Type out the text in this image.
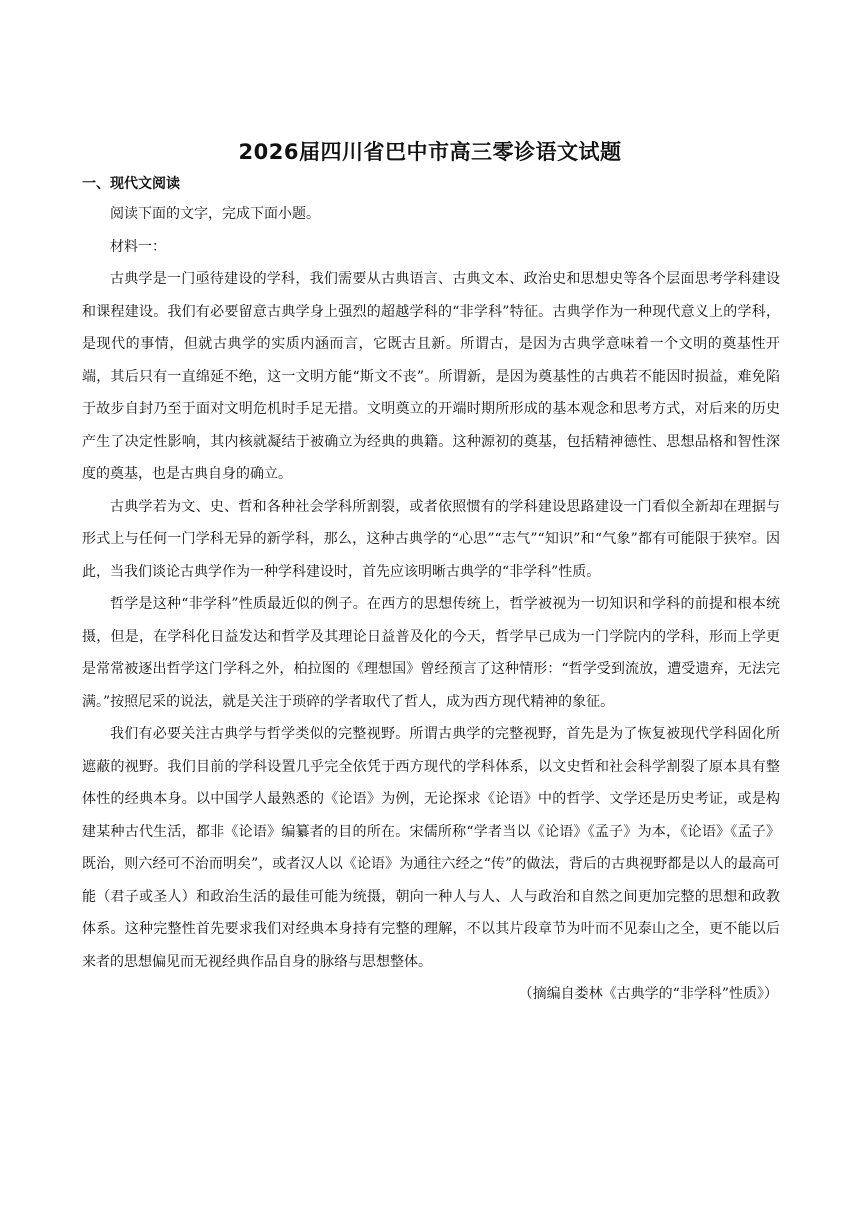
2026届四川省巴中市高三零诊语文试题
一、现代文阅读

阅读下面的文字，完成下面小题。

材料一：

古典学是一门亟待建设的学科，我们需要从古典语言、古典文本、政治史和思想史等各个层面思考学科建设和课程建设。我们有必要留意古典学身上强烈的超越学科的“非学科”特征。古典学作为一种现代意义上的学科，是现代的事情，但就古典学的实质内涵而言，它既古且新。所谓古，是因为古典学意味着一个文明的奠基性开端，其后只有一直绵延不绝，这一文明方能“斯文不丧”。所谓新，是因为奠基性的古典若不能因时损益，难免陷于故步自封乃至于面对文明危机时手足无措。文明奠立的开端时期所形成的基本观念和思考方式，对后来的历史产生了决定性影响，其内核就凝结于被确立为经典的典籍。这种源初的奠基，包括精神德性、思想品格和智性深度的奠基，也是古典自身的确立。

古典学若为文、史、哲和各种社会学科所割裂，或者依照惯有的学科建设思路建设一门看似全新却在理据与形式上与任何一门学科无异的新学科，那么，这种古典学的“心思”“志气”“知识”和“气象”都有可能限于狭窄。因此，当我们谈论古典学作为一种学科建设时，首先应该明晰古典学的“非学科”性质。

哲学是这种“非学科”性质最近似的例子。在西方的思想传统上，哲学被视为一切知识和学科的前提和根本统摄，但是，在学科化日益发达和哲学及其理论日益普及化的今天，哲学早已成为一门学院内的学科，形而上学更是常常被逐出哲学这门学科之外，柏拉图的《理想国》曾经预言了这种情形：“哲学受到流放，遭受遗弃，无法完满。”按照尼采的说法，就是关注于琐碎的学者取代了哲人，成为西方现代精神的象征。

我们有必要关注古典学与哲学类似的完整视野。所谓古典学的完整视野，首先是为了恢复被现代学科固化所遮蔽的视野。我们目前的学科设置几乎完全依凭于西方现代的学科体系，以文史哲和社会科学割裂了原本具有整体性的经典本身。以中国学人最熟悉的《论语》为例，无论探求《论语》中的哲学、文学还是历史考证，或是构建某种古代生活，都非《论语》编纂者的目的所在。宋儒所称“学者当以《论语》《孟子》为本，《论语》《孟子》既治，则六经可不治而明矣”，或者汉人以《论语》为通往六经之“传”的做法，背后的古典视野都是以人的最高可能（君子或圣人）和政治生活的最佳可能为统摄，朝向一种人与人、人与政治和自然之间更加完整的思想和政教体系。这种完整性首先要求我们对经典本身持有完整的理解，不以其片段章节为叶而不见泰山之全，更不能以后来者的思想偏见而无视经典作品自身的脉络与思想整体。

（摘编自娄林《古典学的“非学科”性质》）
